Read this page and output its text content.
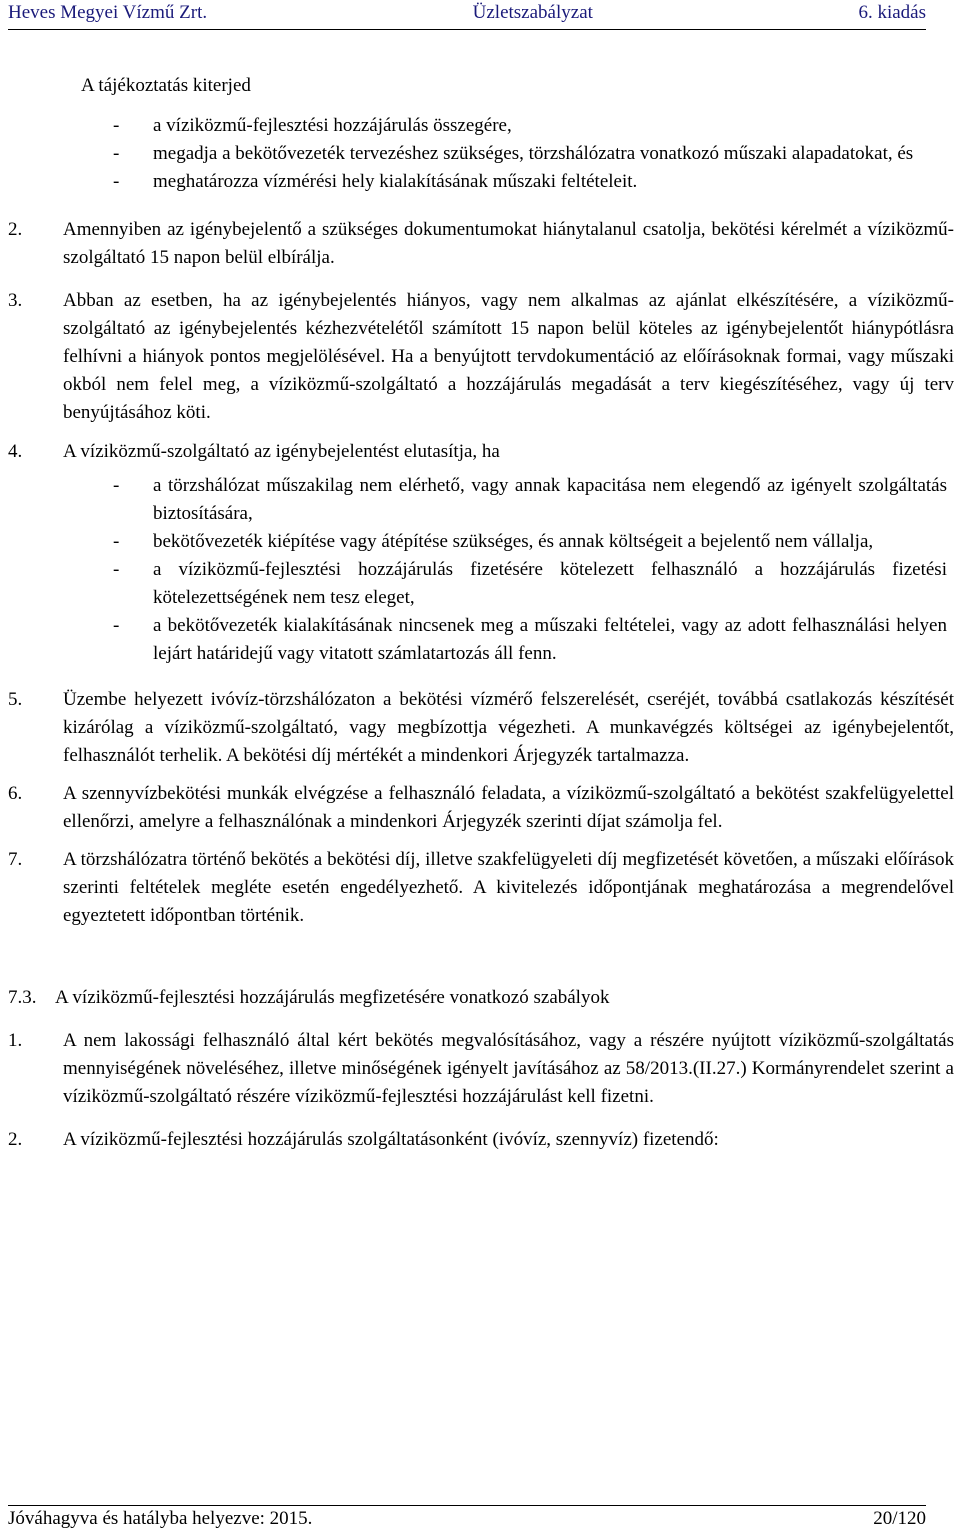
Heves Megyei Vízmű Zrt.	Üzletszabályzat	6. kiadás

A tájékoztatás kiterjed

-	a víziközmű-fejlesztési hozzájárulás összegére,
-	megadja a bekötővezeték tervezéshez szükséges, törzshálózatra vonatkozó műszaki alapadatokat, és
-	meghatározza vízmérési hely kialakításának műszaki feltételeit.
2.	Amennyiben az igénybejelentő a szükséges dokumentumokat hiánytalanul csatolja, bekötési kérelmét a víziközmű-szolgáltató 15 napon belül elbírálja.
3.	Abban az esetben, ha az igénybejelentés hiányos, vagy nem alkalmas az ajánlat elkészítésére, a víziközmű-szolgáltató az igénybejelentés kézhezvételétől számított 15 napon belül köteles az igénybejelentőt hiánypótlásra felhívni a hiányok pontos megjelölésével. Ha a benyújtott tervdokumentáció az előírásoknak formai, vagy műszaki okból nem felel meg, a víziközmű-szolgáltató a hozzájárulás megadását a terv kiegészítéséhez, vagy új terv benyújtásához köti.
4.	A víziközmű-szolgáltató az igénybejelentést elutasítja, ha
-	a törzshálózat műszakilag nem elérhető, vagy annak kapacitása nem elegendő az igényelt szolgáltatás biztosítására,
-	bekötővezeték kiépítése vagy átépítése szükséges, és annak költségeit a bejelentő nem vállalja,
-	a víziközmű-fejlesztési hozzájárulás fizetésére kötelezett felhasználó a hozzájárulás fizetési kötelezettségének nem tesz eleget,
-	a bekötővezeték kialakításának nincsenek meg a műszaki feltételei, vagy az adott felhasználási helyen lejárt határidejű vagy vitatott számlatartozás áll fenn.
5.	Üzembe helyezett ivóvíz-törzshálózaton a bekötési vízmérő felszerelését, cseréjét, továbbá csatlakozás készítését kizárólag a víziközmű-szolgáltató, vagy megbízottja végezheti. A munkavégzés költségei az igénybejelentőt, felhasználót terhelik. A bekötési díj mértékét a mindenkori Árjegyzék tartalmazza.
6.	A szennyvízbekötési munkák elvégzése a felhasználó feladata, a víziközmű-szolgáltató a bekötést szakfelügyelettel ellenőrzi, amelyre a felhasználónak a mindenkori Árjegyzék szerinti díjat számolja fel.
7.	A törzshálózatra történő bekötés a bekötési díj, illetve szakfelügyeleti díj megfizetését követően, a műszaki előírások szerinti feltételek megléte esetén engedélyezhető. A kivitelezés időpontjának meghatározása a megrendelővel egyeztetett időpontban történik.
7.3. A víziközmű-fejlesztési hozzájárulás megfizetésére vonatkozó szabályok
1.	A nem lakossági felhasználó által kért bekötés megvalósításához, vagy a részére nyújtott víziközmű-szolgáltatás mennyiségének növeléséhez, illetve minőségének igényelt javításához az 58/2013.(II.27.) Kormányrendelet szerint a víziközmű-szolgáltató részére víziközmű-fejlesztési hozzájárulást kell fizetni.
2.	A víziközmű-fejlesztési hozzájárulás szolgáltatásonként (ivóvíz, szennyvíz) fizetendő:
Jóváhagyva és hatályba helyezve: 2015.	20/120
